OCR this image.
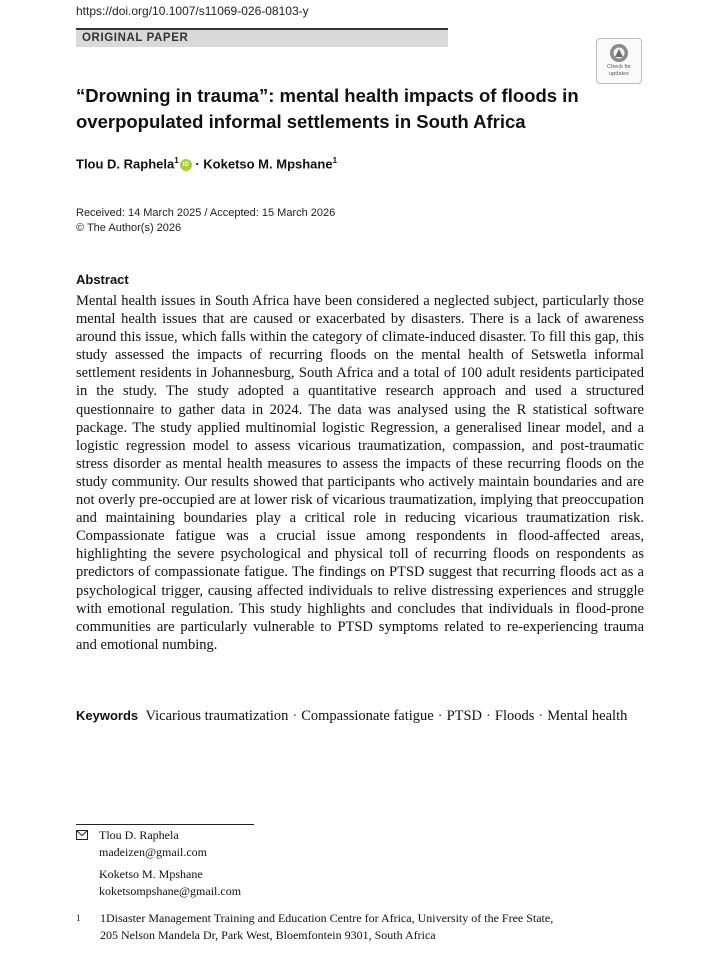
https://doi.org/10.1007/s11069-026-08103-y
ORIGINAL PAPER
Check for
updates
“Drowning in trauma”: mental health impacts of floods in overpopulated informal settlements in South Africa
Tlou D. Raphela$^1$iD · Koketso M. Mpshane$^1$
Received: 14 March 2025 / Accepted: 15 March 2026
© The Author(s) 2026
Abstract

Mental health issues in South Africa have been considered a neglected subject, particularly those mental health issues that are caused or exacerbated by disasters. There is a lack of awareness around this issue, which falls within the category of climate-induced disaster. To fill this gap, this study assessed the impacts of recurring floods on the mental health of Setswetla informal settlement residents in Johannesburg, South Africa and a total of 100 adult residents participated in the study. The study adopted a quantitative research approach and used a structured questionnaire to gather data in 2024. The data was analysed using the R statistical software package. The study applied multinomial logistic Regression, a generalised linear model, and a logistic regression model to assess vicarious traumatization, compassion, and post-traumatic stress disorder as mental health measures to assess the impacts of these recurring floods on the study community. Our results showed that participants who actively maintain boundaries and are not overly pre-occupied are at lower risk of vicarious traumatization, implying that preoccupation and maintaining boundaries play a critical role in reducing vicarious traumatization risk. Compassionate fatigue was a crucial issue among respondents in flood-affected areas, highlighting the severe psychological and physical toll of recurring floods on respondents as predictors of compassionate fatigue. The findings on PTSD suggest that recurring floods act as a psychological trigger, causing affected individuals to relive distressing experiences and struggle with emotional regulation. This study highlights and concludes that individuals in flood-prone communities are particularly vulnerable to PTSD symptoms related to re-experiencing trauma and emotional numbing.

Keywords Vicarious traumatization · Compassionate fatigue · PTSD · Floods · Mental health
Tlou D. Raphela
madeizen@gmail.com
Koketso M. Mpshane
koketsompshane@gmail.com
1 1Disaster Management Training and Education Centre for Africa, University of the Free State,
205 Nelson Mandela Dr, Park West, Bloemfontein 9301, South Africa
